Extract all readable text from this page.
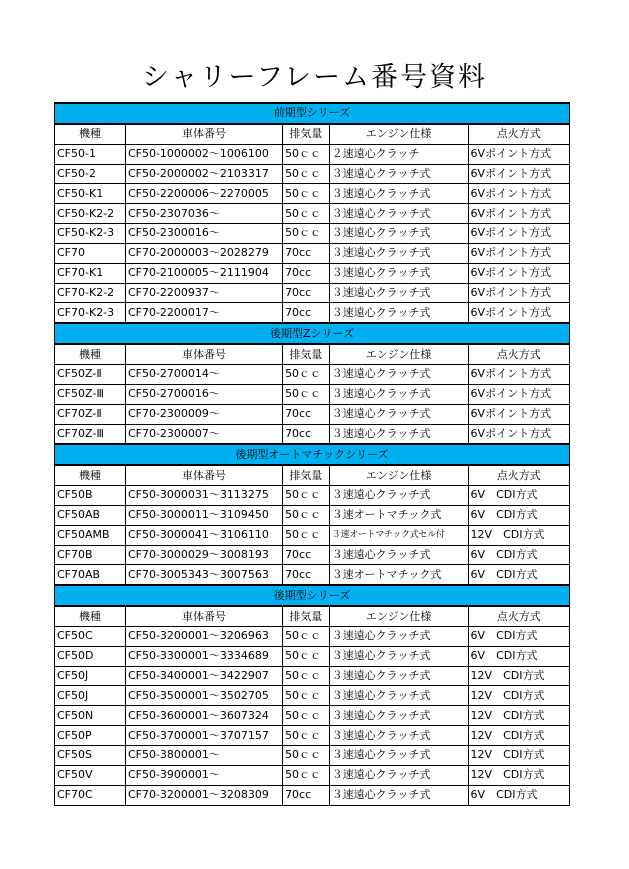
シャリーフレーム番号資料
前期型シリーズ				
機種	車体番号	排気量	エンジン仕様	点火方式
CF50-1	CF50-1000002～1006100	50ｃｃ	２速遠心クラッチ	6Vポイント方式
CF50-2	CF50-2000002～2103317	50ｃｃ	３速遠心クラッチ式	6Vポイント方式
CF50-K1	CF50-2200006～2270005	50ｃｃ	３速遠心クラッチ式	6Vポイント方式
CF50-K2-2	CF50-2307036～	50ｃｃ	３速遠心クラッチ式	6Vポイント方式
CF50-K2-3	CF50-2300016～	50ｃｃ	３速遠心クラッチ式	6Vポイント方式
CF70	CF70-2000003～2028279	70cc	３速遠心クラッチ式	6Vポイント方式
CF70-K1	CF70-2100005～2111904	70cc	３速遠心クラッチ式	6Vポイント方式
CF70-K2-2	CF70-2200937～	70cc	３速遠心クラッチ式	6Vポイント方式
CF70-K2-3	CF70-2200017～	70cc	３速遠心クラッチ式	6Vポイント方式
後期型Zシリーズ				
機種	車体番号	排気量	エンジン仕様	点火方式
CF50Z-Ⅱ	CF50-2700014～	50ｃｃ	３速遠心クラッチ式	6Vポイント方式
CF50Z-Ⅲ	CF50-2700016～	50ｃｃ	３速遠心クラッチ式	6Vポイント方式
CF70Z-Ⅱ	CF70-2300009～	70cc	３速遠心クラッチ式	6Vポイント方式
CF70Z-Ⅲ	CF70-2300007～	70cc	３速遠心クラッチ式	6Vポイント方式
後期型オートマチックシリーズ				
機種	車体番号	排気量	エンジン仕様	点火方式
CF50B	CF50-3000031～3113275	50ｃｃ	３速遠心クラッチ式	6V　CDI方式
CF50AB	CF50-3000011～3109450	50ｃｃ	３速オートマチック式	6V　CDI方式
CF50AMB	CF50-3000041～3106110	50ｃｃ	３速オートマチック式セル付	12V　CDI方式
CF70B	CF70-3000029～3008193	70cc	３速遠心クラッチ式	6V　CDI方式
CF70AB	CF70-3005343～3007563	70cc	３速オートマチック式	6V　CDI方式
後期型シリーズ				
機種	車体番号	排気量	エンジン仕様	点火方式
CF50C	CF50-3200001～3206963	50ｃｃ	３速遠心クラッチ式	6V　CDI方式
CF50D	CF50-3300001～3334689	50ｃｃ	３速遠心クラッチ式	6V　CDI方式
CF50J	CF50-3400001～3422907	50ｃｃ	３速遠心クラッチ式	12V　CDI方式
CF50J	CF50-3500001～3502705	50ｃｃ	３速遠心クラッチ式	12V　CDI方式
CF50N	CF50-3600001～3607324	50ｃｃ	３速遠心クラッチ式	12V　CDI方式
CF50P	CF50-3700001～3707157	50ｃｃ	３速遠心クラッチ式	12V　CDI方式
CF50S	CF50-3800001～	50ｃｃ	３速遠心クラッチ式	12V　CDI方式
CF50V	CF50-3900001～	50ｃｃ	３速遠心クラッチ式	12V　CDI方式
CF70C	CF70-3200001～3208309	70cc	３速遠心クラッチ式	6V　CDI方式
